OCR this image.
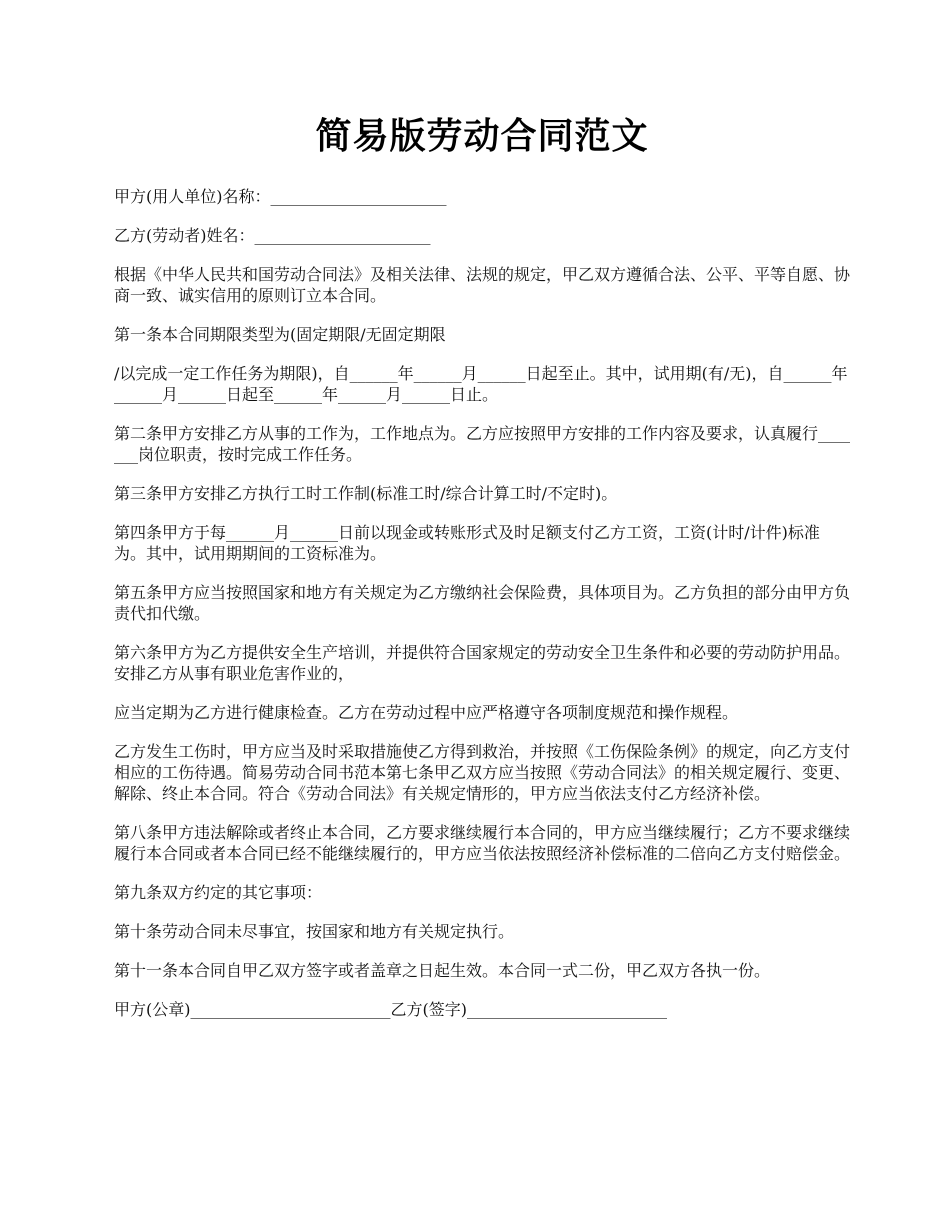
简易版劳动合同范文

甲方(用人单位)名称：______________________

乙方(劳动者)姓名：______________________

根据《中华人民共和国劳动合同法》及相关法律、法规的规定，甲乙双方遵循合法、公平、平等自愿、协商一致、诚实信用的原则订立本合同。

第一条本合同期限类型为(固定期限/无固定期限

/以完成一定工作任务为期限)，自______年______月______日起至止。其中，试用期(有/无)，自______年______月______日起至______年______月______日止。

第二条甲方安排乙方从事的工作为，工作地点为。乙方应按照甲方安排的工作内容及要求，认真履行_______岗位职责，按时完成工作任务。

第三条甲方安排乙方执行工时工作制(标准工时/综合计算工时/不定时)。

第四条甲方于每______月______日前以现金或转账形式及时足额支付乙方工资，工资(计时/计件)标准为。其中，试用期期间的工资标准为。

第五条甲方应当按照国家和地方有关规定为乙方缴纳社会保险费，具体项目为。乙方负担的部分由甲方负责代扣代缴。

第六条甲方为乙方提供安全生产培训，并提供符合国家规定的劳动安全卫生条件和必要的劳动防护用品。安排乙方从事有职业危害作业的，

应当定期为乙方进行健康检查。乙方在劳动过程中应严格遵守各项制度规范和操作规程。

乙方发生工伤时，甲方应当及时采取措施使乙方得到救治，并按照《工伤保险条例》的规定，向乙方支付相应的工伤待遇。简易劳动合同书范本第七条甲乙双方应当按照《劳动合同法》的相关规定履行、变更、解除、终止本合同。符合《劳动合同法》有关规定情形的，甲方应当依法支付乙方经济补偿。

第八条甲方违法解除或者终止本合同，乙方要求继续履行本合同的，甲方应当继续履行；乙方不要求继续履行本合同或者本合同已经不能继续履行的，甲方应当依法按照经济补偿标准的二倍向乙方支付赔偿金。

第九条双方约定的其它事项：

第十条劳动合同未尽事宜，按国家和地方有关规定执行。

第十一条本合同自甲乙双方签字或者盖章之日起生效。本合同一式二份，甲乙双方各执一份。

甲方(公章)_________________________乙方(签字)_________________________
